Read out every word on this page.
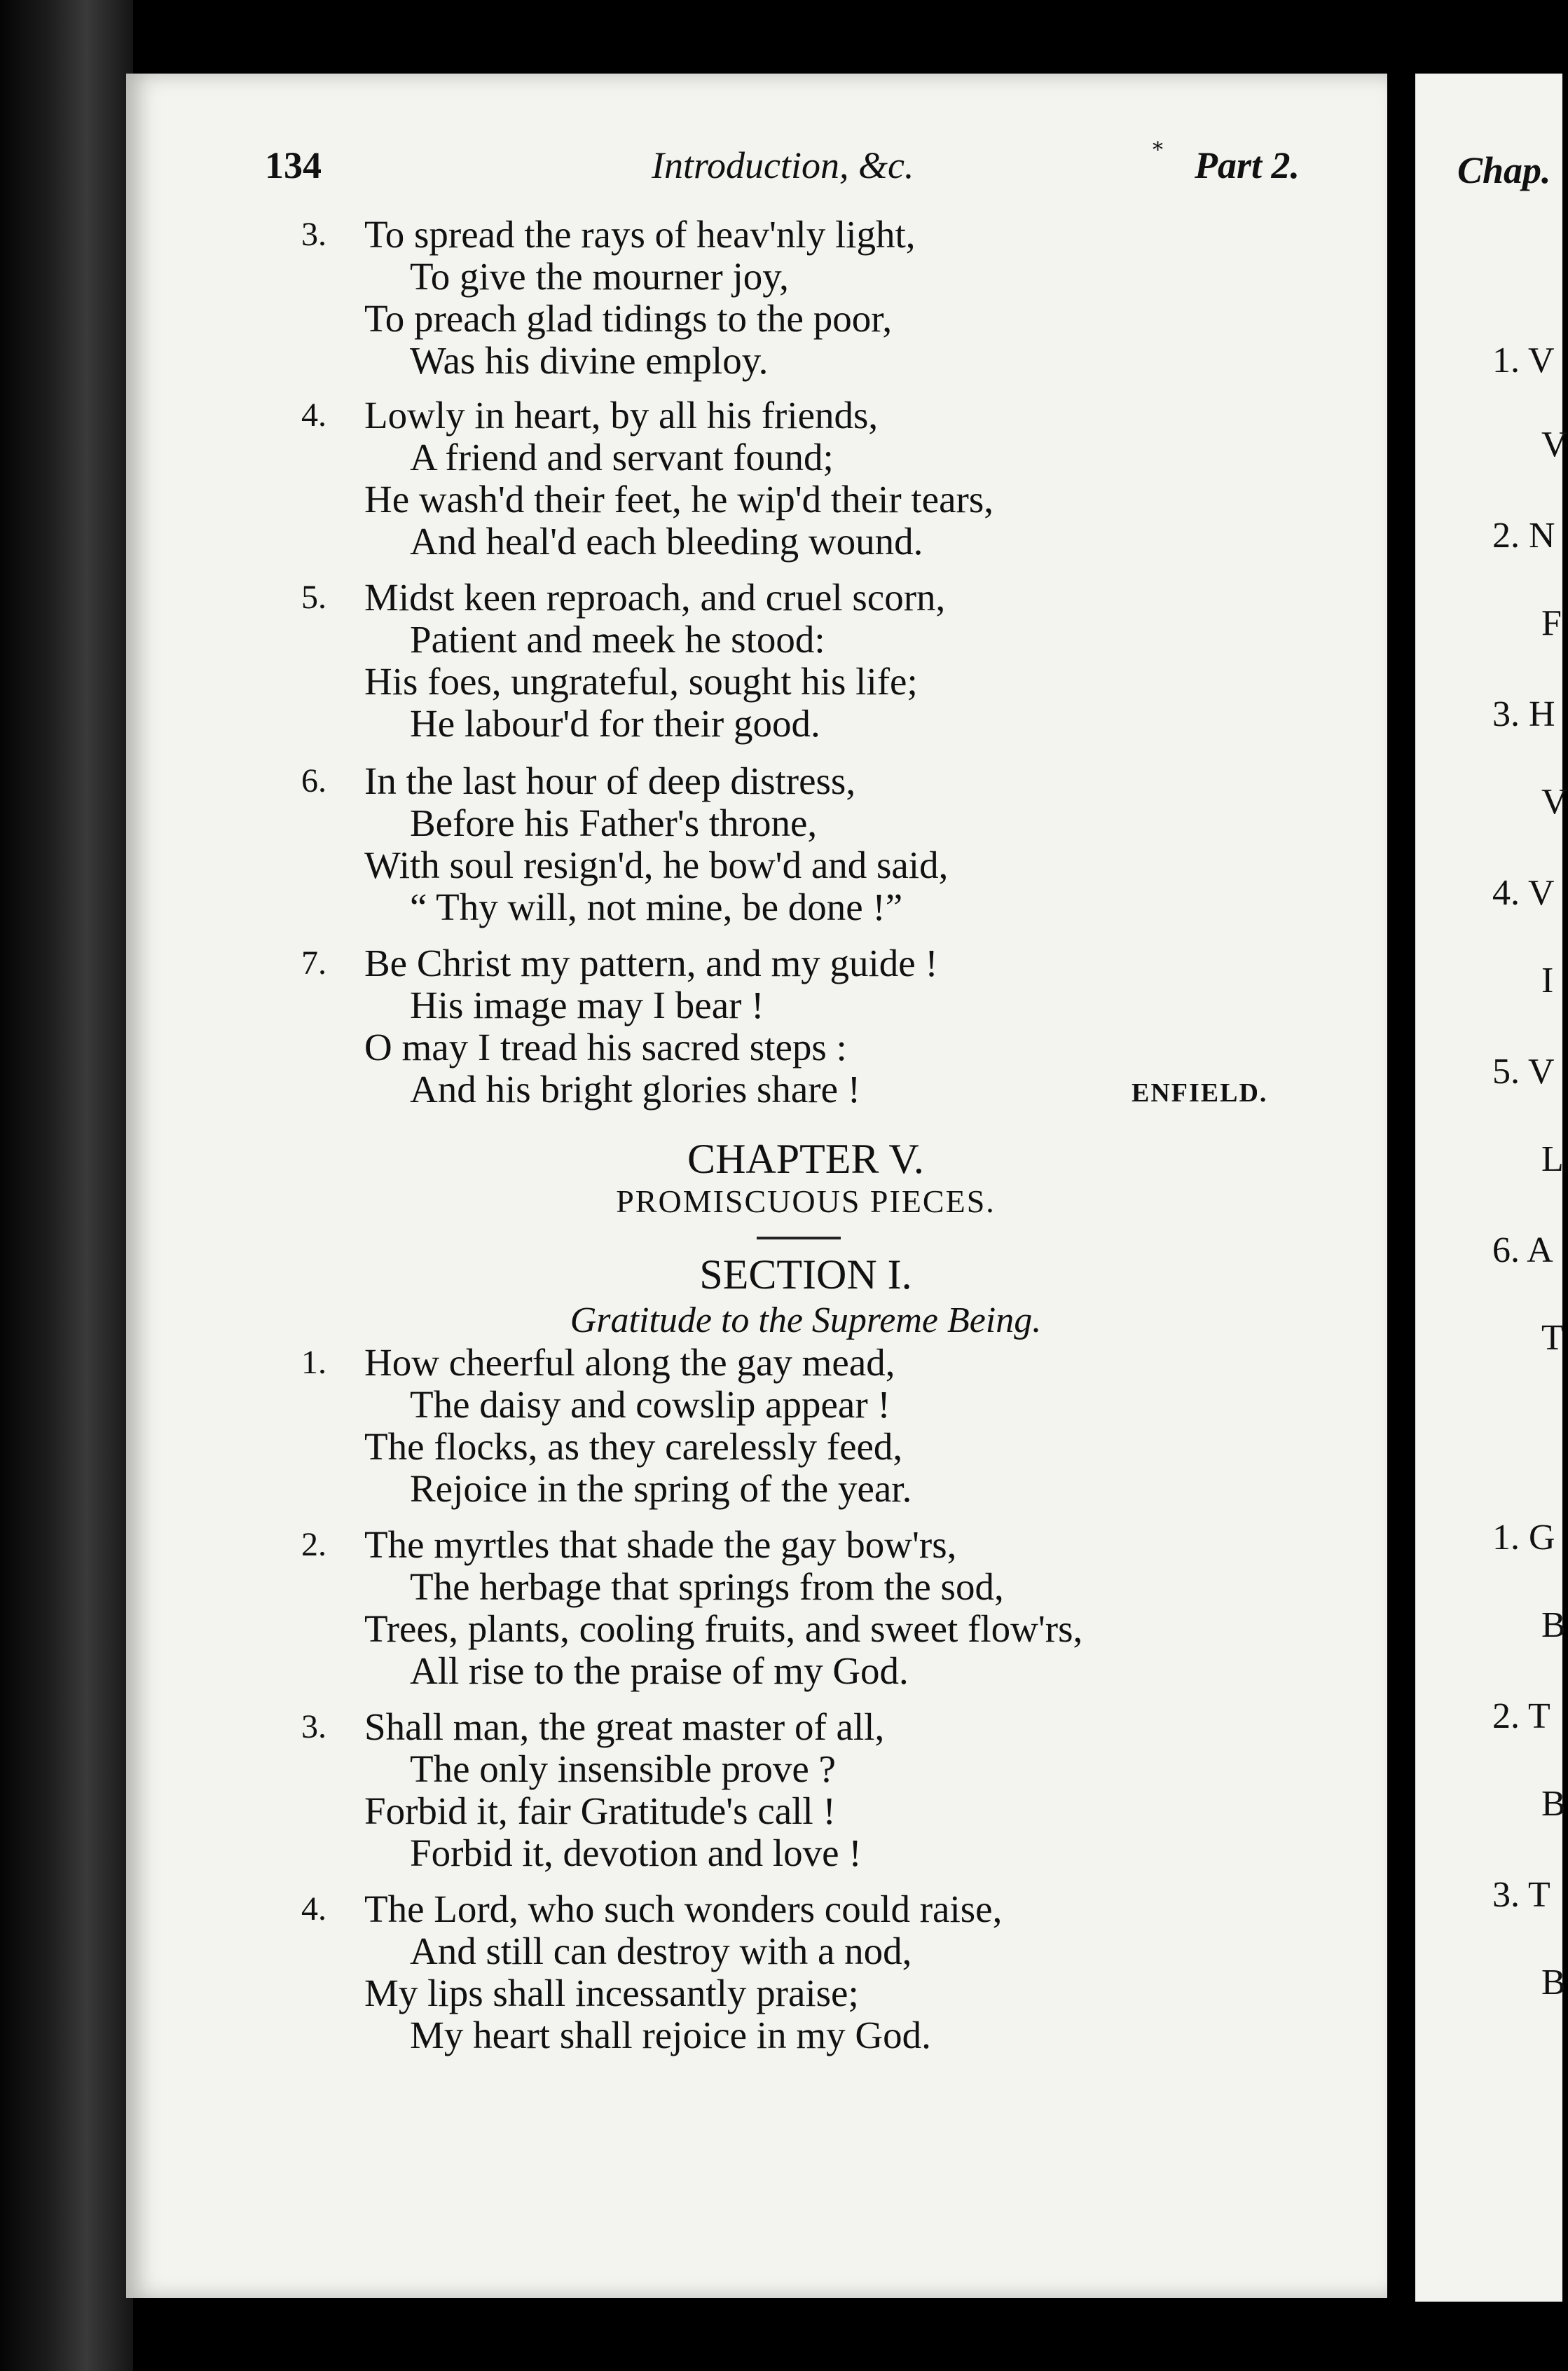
134	Introduction, &c.
⁎
Part 2.
3. To spread the rays of heav'nly light,
To give the mourner joy,
To preach glad tidings to the poor,
Was his divine employ.
4. Lowly in heart, by all his friends,
A friend and servant found;
He wash'd their feet, he wip'd their tears,
And heal'd each bleeding wound.
5. Midst keen reproach, and cruel scorn,
Patient and meek he stood:
His foes, ungrateful, sought his life;
He labour'd for their good.
6. In the last hour of deep distress,
Before his Father's throne,
With soul resign'd, he bow'd and said,
“ Thy will, not mine, be done !”
7. Be Christ my pattern, and my guide !
His image may I bear !
O may I tread his sacred steps :
And his bright glories share !	ENFIELD.
CHAPTER V.
PROMISCUOUS PIECES.
SECTION I.
Gratitude to the Supreme Being.
1. How cheerful along the gay mead,
The daisy and cowslip appear !
The flocks, as they carelessly feed,
Rejoice in the spring of the year.
2. The myrtles that shade the gay bow'rs,
The herbage that springs from the sod,
Trees, plants, cooling fruits, and sweet flow'rs,
All rise to the praise of my God.
3. Shall man, the great master of all,
The only insensible prove ?
Forbid it, fair Gratitude's call !
Forbid it, devotion and love !
4. The Lord, who such wonders could raise,
And still can destroy with a nod,
My lips shall incessantly praise;
My heart shall rejoice in my God.
Chap.
1. V
V
2. N
F
3. H
V
4. V
I
5. V
L
6. A
T
1. G
B
2. T
B
3. T
B
